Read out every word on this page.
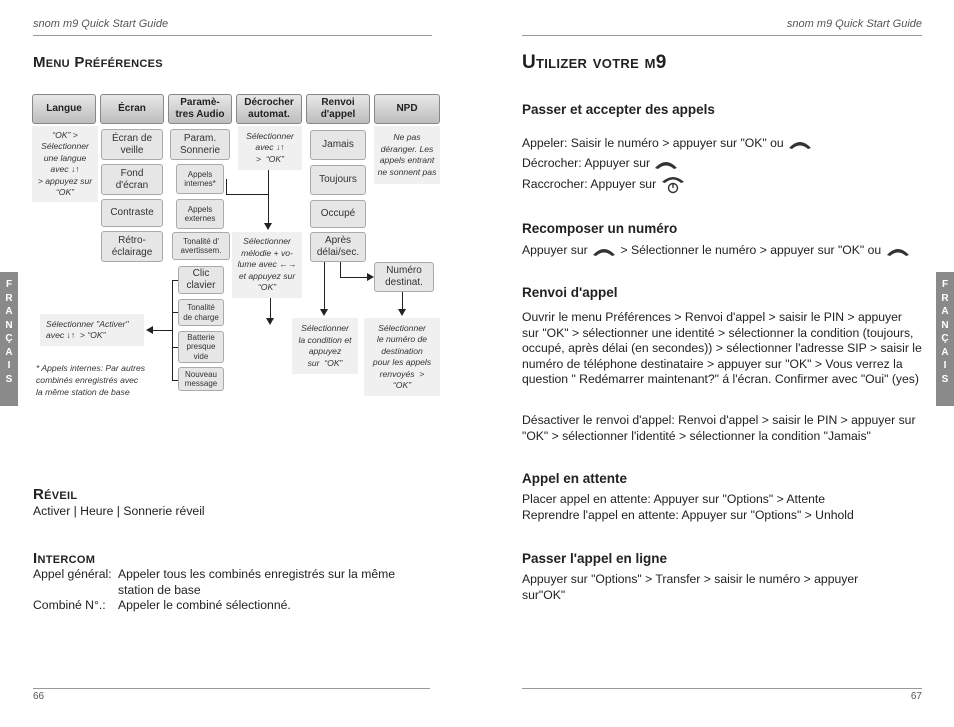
snom m9 Quick Start Guide	snom m9 Quick Start Guide
66	67
F
R
A
N
Ç
A
I
S
F
R
A
N
Ç
A
I
S
Menu Préférences
Langue	Écran
Paramè-
tres Audio
Décrocher
automat.
Renvoi
d'appel
NPD
“OK” >
Sélectionner
une langue
avec ↓↑
> appuyez sur
“OK”
Écran de
veille
Fond
d'écran
Contraste
Rétro-
éclairage
Param.
Sonnerie
Appels
internes*
Appels
externes
Tonalité d'
avertissem.
Clic
clavier
Tonalité
de charge
Batterie
presque
vide
Nouveau
message
Sélectionner
avec ↓↑
>  “OK”
Sélectionner
mélodie + vo-
lume avec ←→
et appuyez sur
“OK”
Jamais
Toujours
Occupé
Après
délai/sec.
Numéro
destinat.
Ne pas
déranger. Les
appels entrant
ne sonnent pas
Sélectionner "Activer"
avec ↓↑  > “OK”
Sélectionner
la condition et
appuyez
sur  “OK”
Sélectionner
le numéro de
destination
pour les appels
renvoyés  >
“OK”
* Appels internes: Par autres
combinés enregistrés avec
la même station de base
Réveil
Activer | Heure | Sonnerie réveil
Intercom
Appel général: Appeler tous les combinés enregistrés sur la même station de base
Combiné N°.:	Appeler le combiné sélectionné.
Utilizer votre m9
Passer et accepter des appels
Appeler: Saisir le numéro > appuyer sur "OK" ou
Décrocher: Appuyer sur
Raccrocher: Appuyer sur
Recomposer un numéro
Appuyer sur	> Sélectionner le numéro > appuyer sur "OK" ou
Renvoi d'appel
Ouvrir le menu Préférences > Renvoi d'appel > saisir le PIN > appuyer sur "OK" > sélectionner une identité > sélectionner la condition (toujours, occupé, après délai (en secondes)) > sélectionner l'adresse SIP > saisir le numéro de téléphone destinataire > appuyer sur "OK" > Vous verrez la question " Redémarrer maintenant?" á l'écran. Confirmer avec "Oui" (yes)
Désactiver le renvoi d'appel: Renvoi d'appel > saisir le PIN > appuyer sur "OK" > sélectionner l'identité > sélectionner la condition "Jamais"
Appel en attente
Placer appel en attente: Appuyer sur "Options" > Attente
Reprendre l'appel en attente: Appuyer sur "Options" > Unhold
Passer l'appel en ligne
Appuyer sur "Options" > Transfer > saisir le numéro > appuyer sur"OK"
